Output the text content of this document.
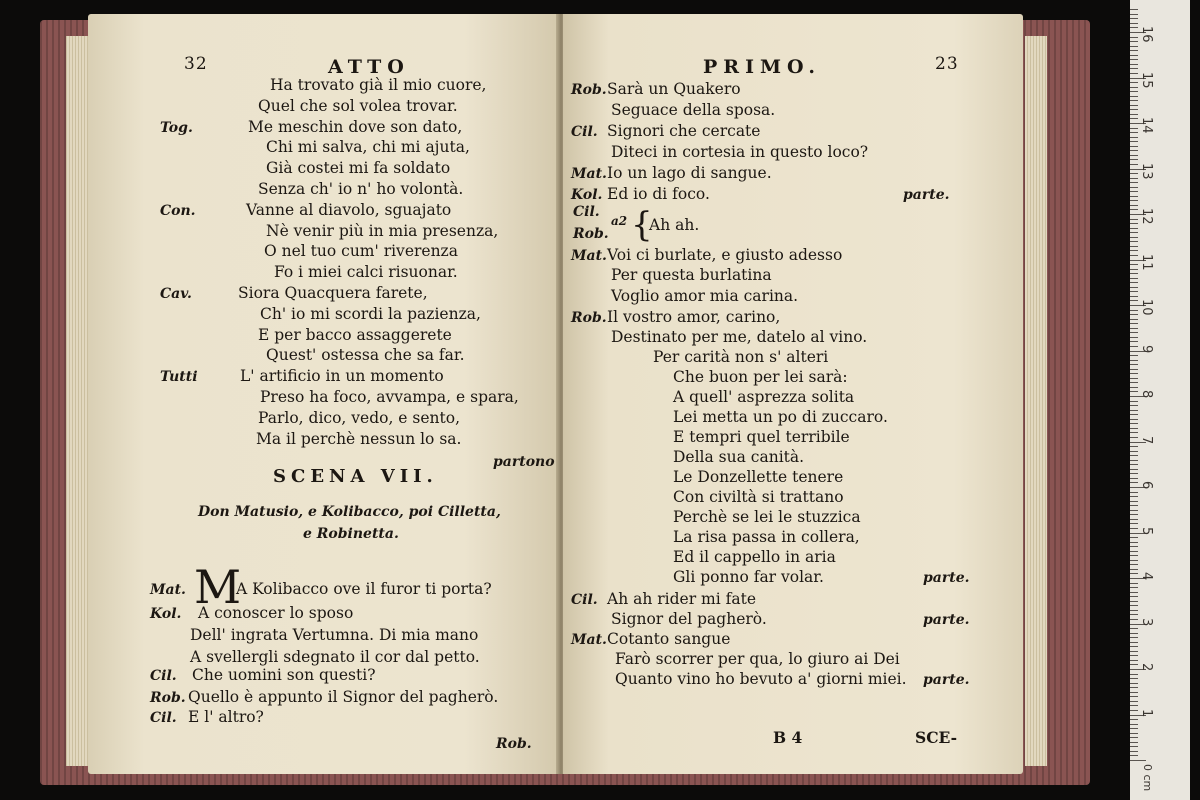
32	ATTO
Ha trovato già il mio cuore,
Quel che sol volea trovar.
Tog.	Me meschin dove son dato,
Chi mi salva, chi mi ajuta,
Già costei mi fa soldato
Senza ch' io n' ho volontà.
Con.	Vanne al diavolo, sguajato
Nè venir più in mia presenza,
O nel tuo cum' riverenza
Fo i miei calci risuonar.
Cav.	Siora Quacquera farete,
Ch' io mi scordi la pazienza,
E per bacco assaggerete
Quest' ostessa che sa far.
Tutti	L' artificio in un momento
Preso ha foco, avvampa, e spara,
Parlo, dico, vedo, e sento,
Ma il perchè nessun lo sa.
partono
SCENA VII.
Don Matusio, e Kolibacco, poi Cilletta,
e Robinetta.
M
Mat.	A Kolibacco ove il furor ti porta?
Kol. A conoscer lo sposo
Dell' ingrata Vertumna. Di mia mano
A svellergli sdegnato il cor dal petto.
Cil. Che uomini son questi?
Rob. Quello è appunto il Signor del pagherò.
Cil. E l' altro?
Rob.
PRIMO.	23
Rob. Sarà un Quakero
Seguace della sposa.
Cil. Signori che cercate
Diteci in cortesia in questo loco?
Mat. Io un lago di sangue.
Kol. Ed io di foco.	parte.
Cil.
Rob.
a2 {
Ah ah.
Mat. Voi ci burlate, e giusto adesso
Per questa burlatina
Voglio amor mia carina.
Rob. Il vostro amor, carino,
Destinato per me, datelo al vino.
Per carità non s' alteri
Che buon per lei sarà:
A quell' asprezza solita
Lei metta un po di zuccaro.
E tempri quel terribile
Della sua canità.
Le Donzellette tenere
Con civiltà si trattano
Perchè se lei le stuzzica
La risa passa in collera,
Ed il cappello in aria
Gli ponno far volar.	parte.
Cil. Ah ah rider mi fate
Signor del pagherò.	parte.
Mat. Cotanto sangue
Farò scorrer per qua, lo giuro ai Dei
Quanto vino ho bevuto a' giorni miei. parte.
B 4	SCE-
0 cm
1
2
3
4
5
6
7
8
9
10
11
12
13
14
15
16
